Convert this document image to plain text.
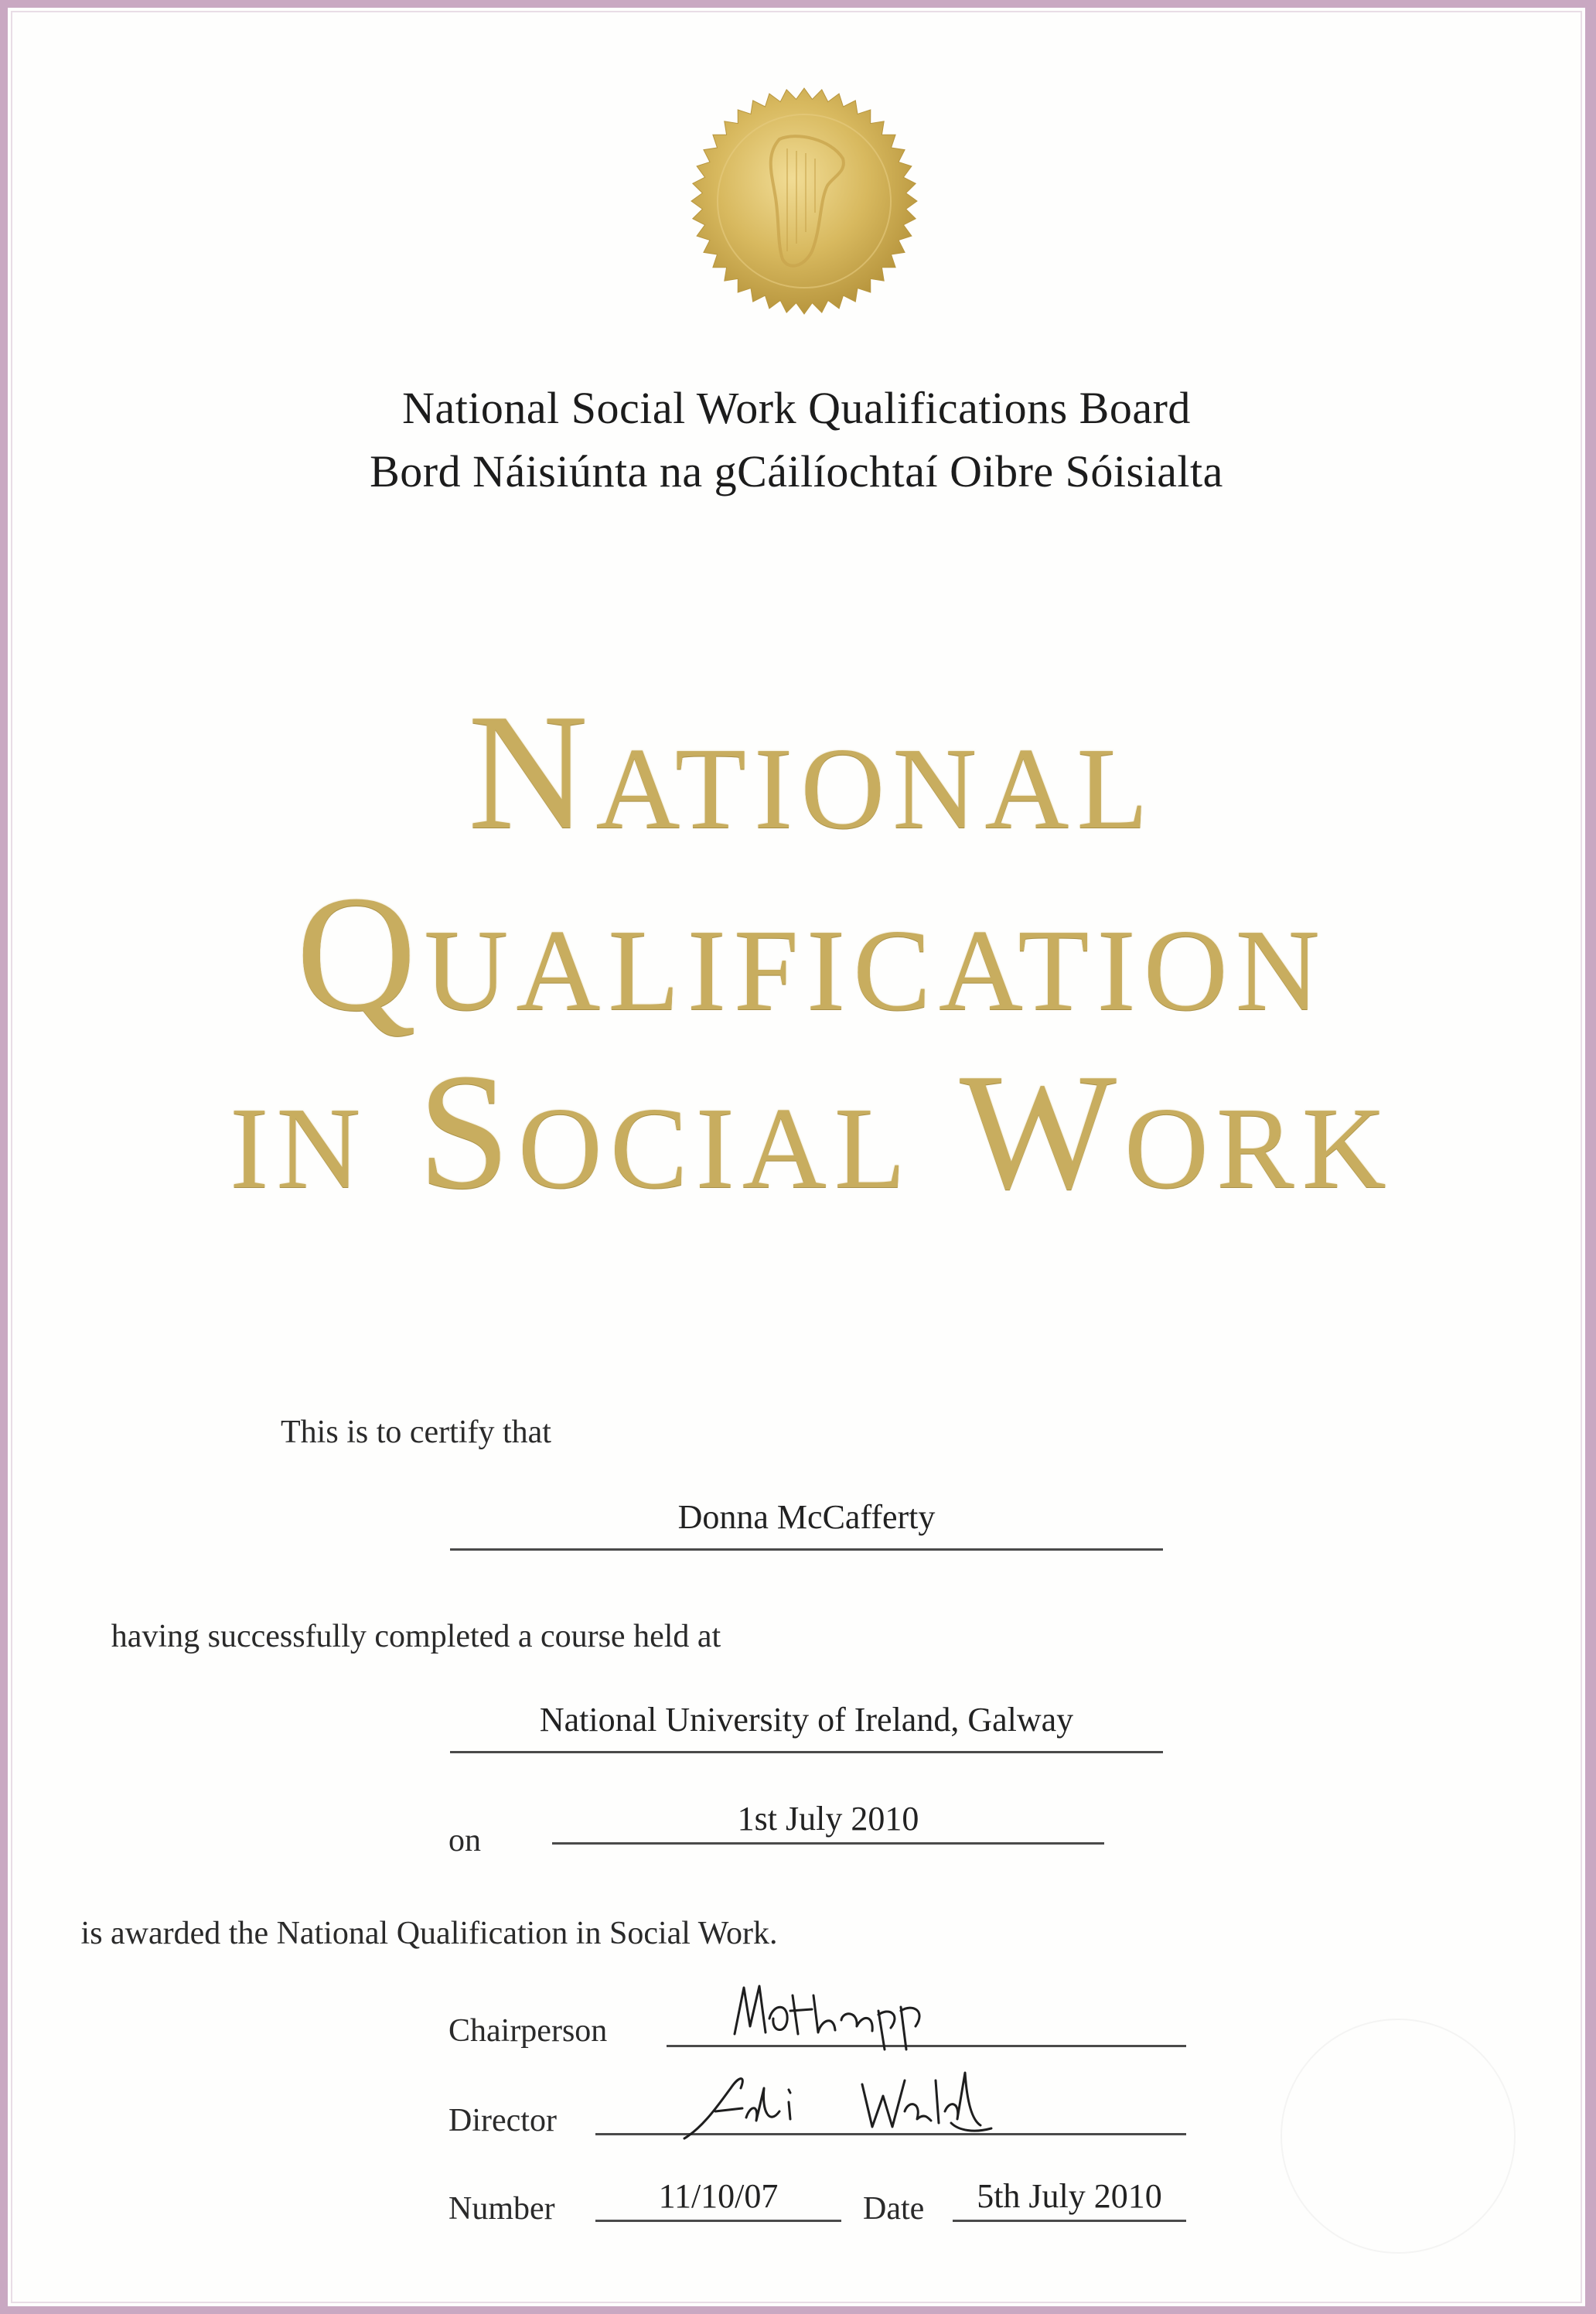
National Social Work Qualifications Board
Bord Náisiúnta na gCáilíochtaí Oibre Sóisialta
National
Qualification
in Social Work
This is to certify that
Donna McCafferty
having successfully completed a course held at
National University of Ireland, Galway
on
1st July 2010
is awarded the National Qualification in Social Work.
Chairperson
Director
Number	11/10/07	Date	5th July 2010
